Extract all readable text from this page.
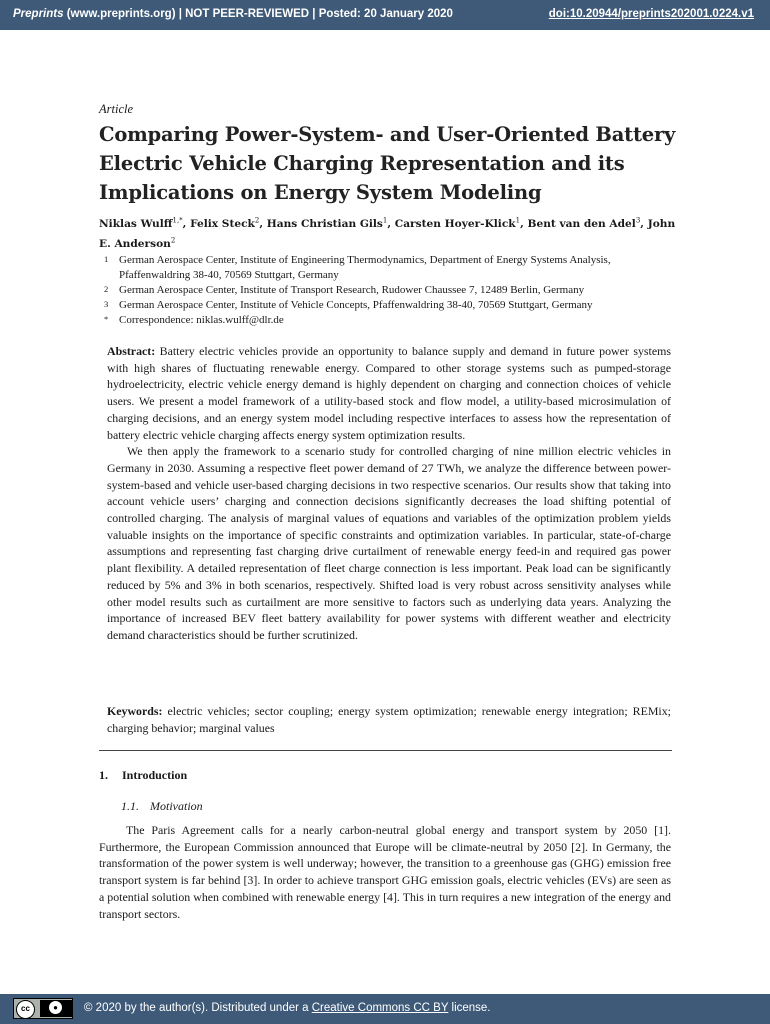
Preprints (www.preprints.org) | NOT PEER-REVIEWED | Posted: 20 January 2020	doi:10.20944/preprints202001.0224.v1
Article
Comparing Power-System- and User-Oriented Battery Electric Vehicle Charging Representation and its Implications on Energy System Modeling
Niklas Wulff$^{1,*}$, Felix Steck$^2$, Hans Christian Gils$^1$, Carsten Hoyer-Klick$^1$, Bent van den Adel$^3$, John E. Anderson$^2$
1 German Aerospace Center, Institute of Engineering Thermodynamics, Department of Energy Systems Analysis, Pfaffenwaldring 38-40, 70569 Stuttgart, Germany
2 German Aerospace Center, Institute of Transport Research, Rudower Chaussee 7, 12489 Berlin, Germany
3 German Aerospace Center, Institute of Vehicle Concepts, Pfaffenwaldring 38-40, 70569 Stuttgart, Germany
* Correspondence: niklas.wulff@dlr.de

Abstract: Battery electric vehicles provide an opportunity to balance supply and demand in future power systems with high shares of fluctuating renewable energy. Compared to other storage systems such as pumped-storage hydroelectricity, electric vehicle energy demand is highly dependent on charging and connection choices of vehicle users. We present a model framework of a utility-based stock and flow model, a utility-based microsimulation of charging decisions, and an energy system model including respective interfaces to assess how the representation of battery electric vehicle charging affects energy system optimization results.

We then apply the framework to a scenario study for controlled charging of nine million electric vehicles in Germany in 2030. Assuming a respective fleet power demand of 27 TWh, we analyze the difference between power-system-based and vehicle user-based charging decisions in two respective scenarios. Our results show that taking into account vehicle users’ charging and connection decisions significantly decreases the load shifting potential of controlled charging. The analysis of marginal values of equations and variables of the optimization problem yields valuable insights on the importance of specific constraints and optimization variables. In particular, state-of-charge assumptions and representing fast charging drive curtailment of renewable energy feed-in and required gas power plant flexibility. A detailed representation of fleet charge connection is less important. Peak load can be significantly reduced by 5% and 3% in both scenarios, respectively. Shifted load is very robust across sensitivity analyses while other model results such as curtailment are more sensitive to factors such as underlying data years. Analyzing the importance of increased BEV fleet battery availability for power systems with different weather and electricity demand characteristics should be further scrutinized.

Keywords: electric vehicles; sector coupling; energy system optimization; renewable energy integration; REMix; charging behavior; marginal values
1. Introduction
1.1. Motivation
The Paris Agreement calls for a nearly carbon-neutral global energy and transport system by 2050 [1]. Furthermore, the European Commission announced that Europe will be climate-neutral by 2050 [2]. In Germany, the transformation of the power system is well underway; however, the transition to a greenhouse gas (GHG) emission free transport system is far behind [3]. In order to achieve transport GHG emission goals, electric vehicles (EVs) are seen as a potential solution when combined with renewable energy [4]. This in turn requires a new integration of the energy and transport sectors.
cc	●	© 2020 by the author(s). Distributed under a Creative Commons CC BY license.
